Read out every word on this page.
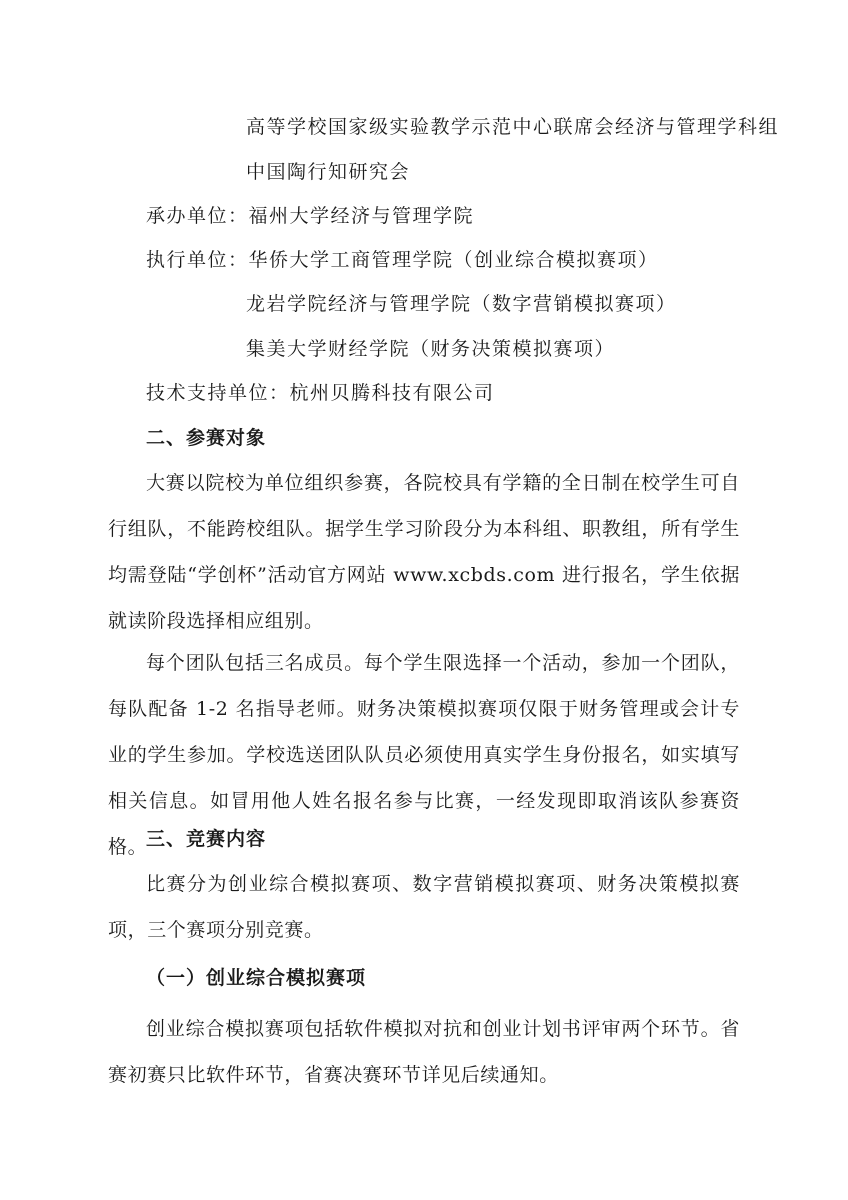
高等学校国家级实验教学示范中心联席会经济与管理学科组
中国陶行知研究会
承办单位：福州大学经济与管理学院
执行单位：华侨大学工商管理学院（创业综合模拟赛项）
龙岩学院经济与管理学院（数字营销模拟赛项）
集美大学财经学院（财务决策模拟赛项）
技术支持单位：杭州贝腾科技有限公司
二、参赛对象
大赛以院校为单位组织参赛，各院校具有学籍的全日制在校学生可自行组队，不能跨校组队。据学生学习阶段分为本科组、职教组，所有学生均需登陆“学创杯”活动官方网站 www.xcbds.com 进行报名，学生依据就读阶段选择相应组别。
每个团队包括三名成员。每个学生限选择一个活动，参加一个团队，每队配备 1-2 名指导老师。财务决策模拟赛项仅限于财务管理或会计专业的学生参加。学校选送团队队员必须使用真实学生身份报名，如实填写相关信息。如冒用他人姓名报名参与比赛，一经发现即取消该队参赛资格。
三、竞赛内容
比赛分为创业综合模拟赛项、数字营销模拟赛项、财务决策模拟赛项，三个赛项分别竞赛。
（一）创业综合模拟赛项
创业综合模拟赛项包括软件模拟对抗和创业计划书评审两个环节。省赛初赛只比软件环节，省赛决赛环节详见后续通知。
